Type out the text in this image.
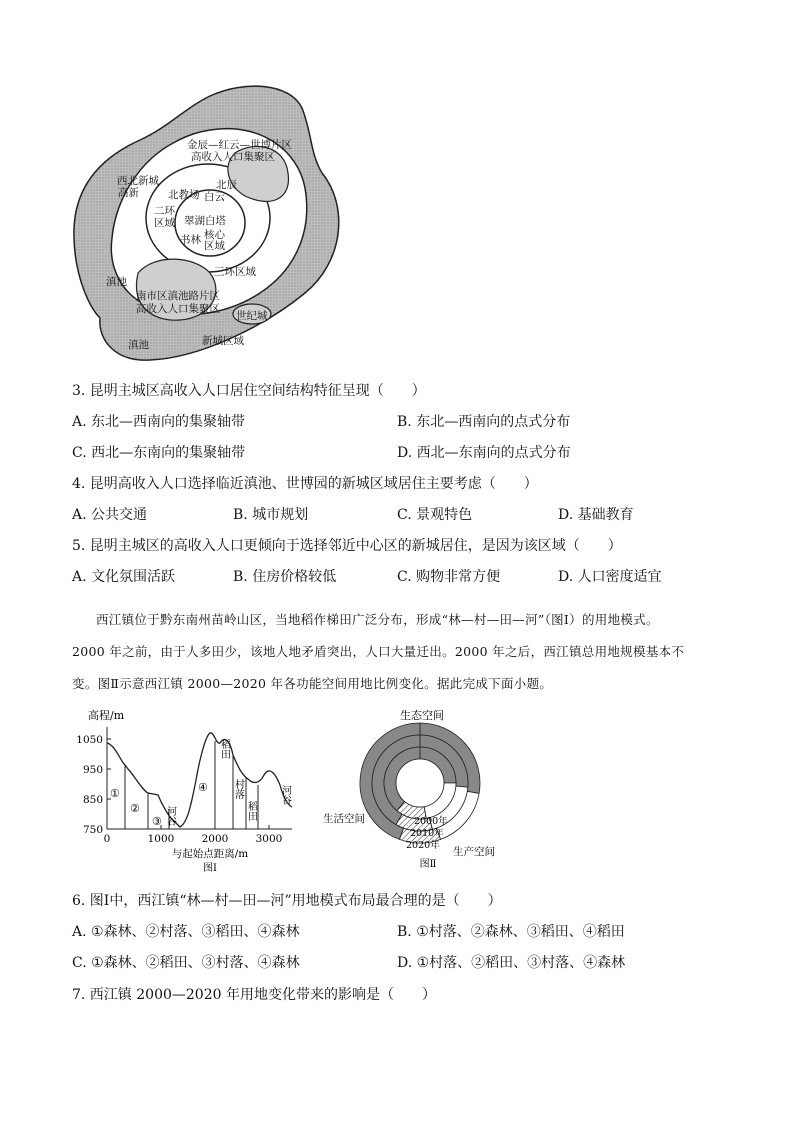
金辰—红云—世博片区
高收入人口集聚区
西北新城
高新	北教场
北辰
白云
二环
区域 翠湖白塔
核心
区域
书林
三环区域
滇池
南市区滇池路片区
高收入人口集聚区
世纪城
滇池	新城区域
3. 昆明主城区高收入人口居住空间结构特征呈现（　　）
A. 东北—西南向的集聚轴带	B. 东北—西南向的点式分布
C. 西北—东南向的集聚轴带	D. 西北—东南向的点式分布
4. 昆明高收入人口选择临近滇池、世博园的新城区域居住主要考虑（　　）
A. 公共交通	B. 城市规划	C. 景观特色	D. 基础教育
5. 昆明主城区的高收入人口更倾向于选择邻近中心区的新城居住，是因为该区域（　　）
A. 文化氛围活跃	B. 住房价格较低	C. 购物非常方便	D. 人口密度适宜
西江镇位于黔东南州苗岭山区，当地稻作梯田广泛分布，形成“林—村—田—河”（图Ⅰ）的用地模式。
2000 年之前，由于人多田少，该地人地矛盾突出，人口大量迁出。2000 年之后，西江镇总用地规模基本不
变。图Ⅱ示意西江镇 2000—2020 年各功能空间用地比例变化。据此完成下面小题。
高程/m
1050
950
850
750
0	1000	2000	3000
①
②
③
④
河谷
稻田
村落
稻田
河谷
与起始点距离/m
图Ⅰ
生态空间
生活空间
生产空间
2000年
2010年
2020年
图Ⅱ
6. 图Ⅰ中，西江镇“林—村—田—河”用地模式布局最合理的是（　　）
A. ①森林、②村落、③稻田、④森林	B. ①村落、②森林、③稻田、④稻田
C. ①森林、②稻田、③村落、④森林	D. ①村落、②稻田、③村落、④森林
7. 西江镇 2000—2020 年用地变化带来的影响是（　　）
